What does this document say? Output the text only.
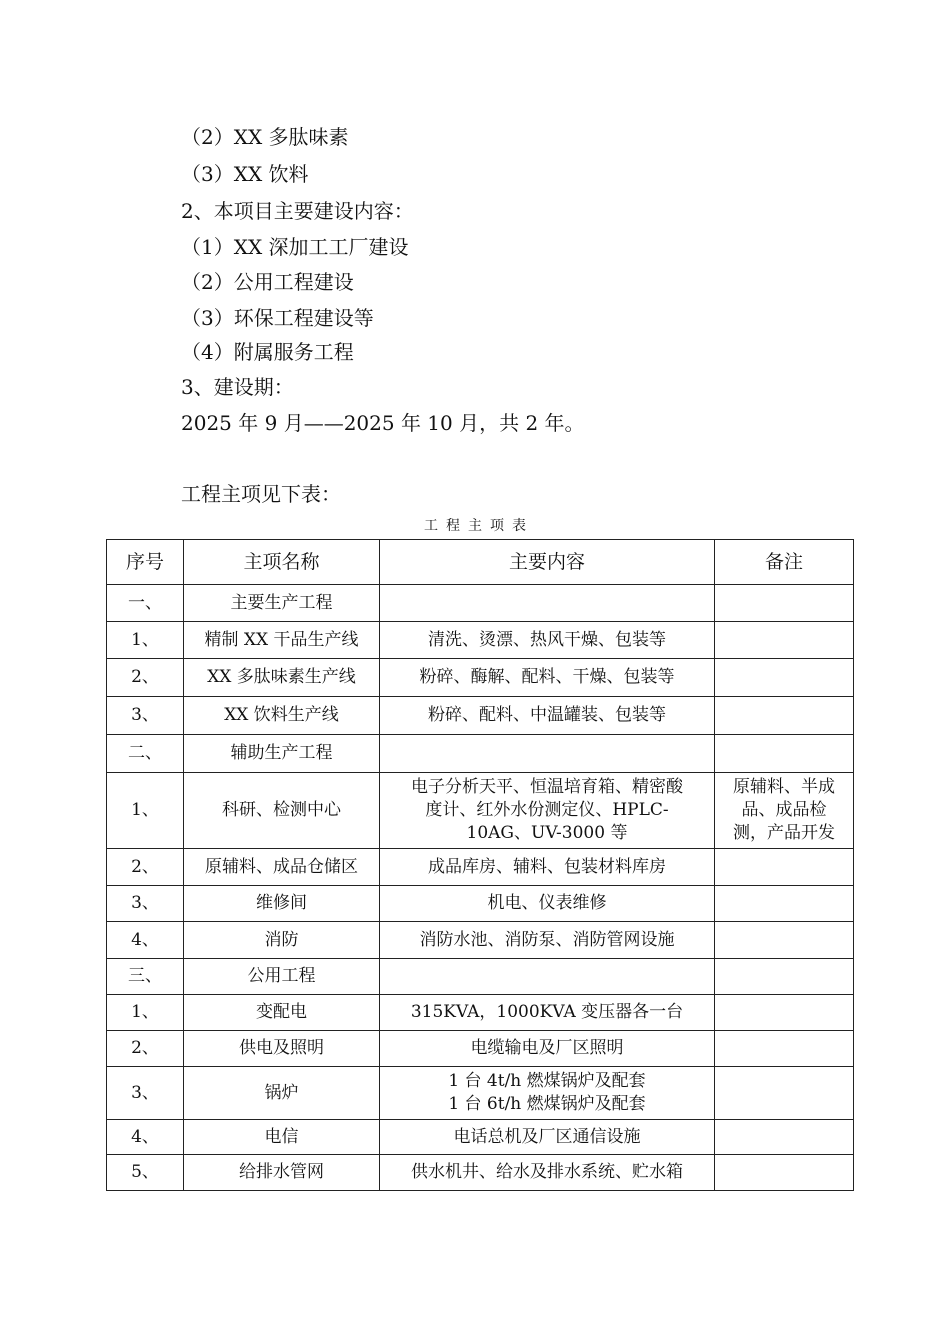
（2）XX 多肽味素
（3）XX 饮料
2、本项目主要建设内容：
（1）XX 深加工工厂建设
（2）公用工程建设
（3）环保工程建设等
（4）附属服务工程
3、建设期：
2025 年 9 月——2025 年 10 月，共 2 年。
工程主项见下表：
工程主项表
序号	主项名称	主要内容	备注
一、	主要生产工程		
1、	精制 XX 干品生产线	清洗、烫漂、热风干燥、包装等	
2、	XX 多肽味素生产线	粉碎、酶解、配料、干燥、包装等	
3、	XX 饮料生产线	粉碎、配料、中温罐装、包装等	
二、	辅助生产工程		
1、	科研、检测中心	电子分析天平、恒温培育箱、精密酸
度计、红外水份测定仪、HPLC-
10AG、UV-3000 等	原辅料、半成
品、成品检
测，产品开发
2、	原辅料、成品仓储区	成品库房、辅料、包装材料库房	
3、	维修间	机电、仪表维修	
4、	消防	消防水池、消防泵、消防管网设施	
三、	公用工程		
1、	变配电	315KVA，1000KVA 变压器各一台	
2、	供电及照明	电缆输电及厂区照明	
3、	锅炉	1 台 4t/h 燃煤锅炉及配套
1 台 6t/h 燃煤锅炉及配套	
4、	电信	电话总机及厂区通信设施	
5、	给排水管网	供水机井、给水及排水系统、贮水箱	
